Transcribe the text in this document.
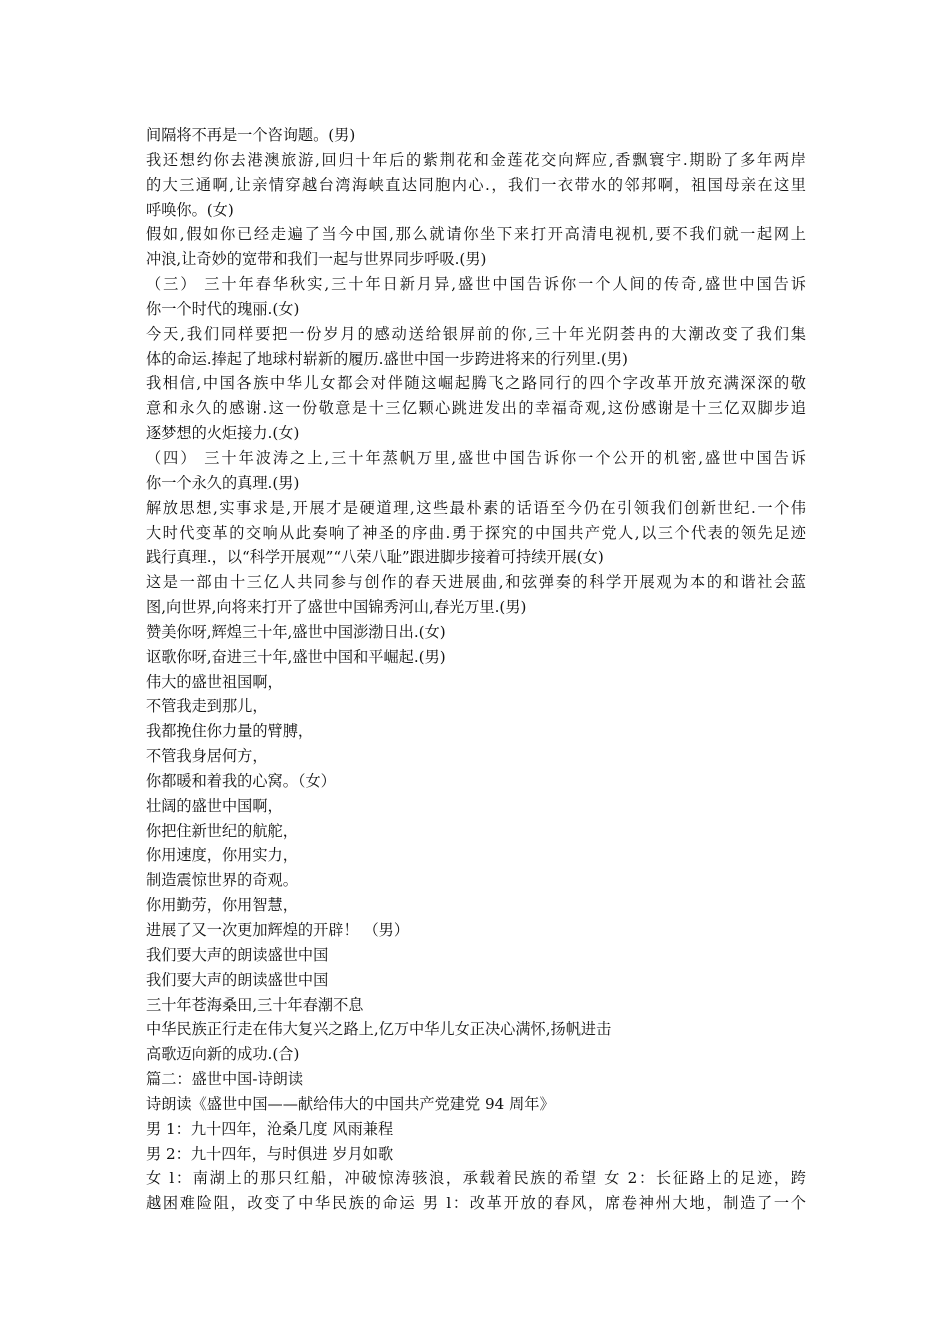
间隔将不再是一个咨询题。(男)
我还想约你去港澳旅游,回归十年后的紫荆花和金莲花交向辉应,香飘寰宇.期盼了多年两岸
的大三通啊,让亲情穿越台湾海峡直达同胞内心.，我们一衣带水的邻邦啊，祖国母亲在这里
呼唤你。(女)
假如,假如你已经走遍了当今中国,那么就请你坐下来打开高清电视机,要不我们就一起网上
冲浪,让奇妙的宽带和我们一起与世界同步呼吸.(男)
（三） 三十年春华秋实,三十年日新月异,盛世中国告诉你一个人间的传奇,盛世中国告诉
你一个时代的瑰丽.(女)
今天,我们同样要把一份岁月的感动送给银屏前的你,三十年光阴荟冉的大潮改变了我们集
体的命运.捧起了地球村崭新的履历.盛世中国一步跨进将来的行列里.(男)
我相信,中国各族中华儿女都会对伴随这崛起腾飞之路同行的四个字改革开放充满深深的敬
意和永久的感谢.这一份敬意是十三亿颗心跳进发出的幸福奇观,这份感谢是十三亿双脚步追
逐梦想的火炬接力.(女)
（四） 三十年波涛之上,三十年蒸帆万里,盛世中国告诉你一个公开的机密,盛世中国告诉
你一个永久的真理.(男)
解放思想,实事求是,开展才是硬道理,这些最朴素的话语至今仍在引领我们创新世纪.一个伟
大时代变革的交响从此奏响了神圣的序曲.勇于探究的中国共产党人,以三个代表的领先足迹
践行真理.，以“科学开展观”“八荣八耻”跟进脚步接着可持续开展(女)
这是一部由十三亿人共同参与创作的春天进展曲,和弦弹奏的科学开展观为本的和谐社会蓝
图,向世界,向将来打开了盛世中国锦秀河山,春光万里.(男)
赞美你呀,辉煌三十年,盛世中国澎渤日出.(女)
讴歌你呀,奋进三十年,盛世中国和平崛起.(男)
伟大的盛世祖国啊，
不管我走到那儿，
我都挽住你力量的臂膊，
不管我身居何方，
你都暖和着我的心窝。（女）
壮阔的盛世中国啊，
你把住新世纪的航舵，
你用速度，你用实力，
制造震惊世界的奇观。
你用勤劳，你用智慧，
进展了又一次更加辉煌的开辟！ （男）
我们要大声的朗读盛世中国
我们要大声的朗读盛世中国
三十年苍海桑田,三十年春潮不息
中华民族正行走在伟大复兴之路上,亿万中华儿女正决心满怀,扬帆进击
高歌迈向新的成功.(合)
篇二：盛世中国-诗朗读
诗朗读《盛世中国——献给伟大的中国共产党建党 94 周年》
男 1：九十四年，沧桑几度 风雨兼程
男 2：九十四年，与时俱进 岁月如歌
女 l：南湖上的那只红船，冲破惊涛骇浪，承载着民族的希望 女 2：长征路上的足迹，跨
越困难险阻，改变了中华民族的命运 男 l：改革开放的春风，席卷神州大地，制造了一个
